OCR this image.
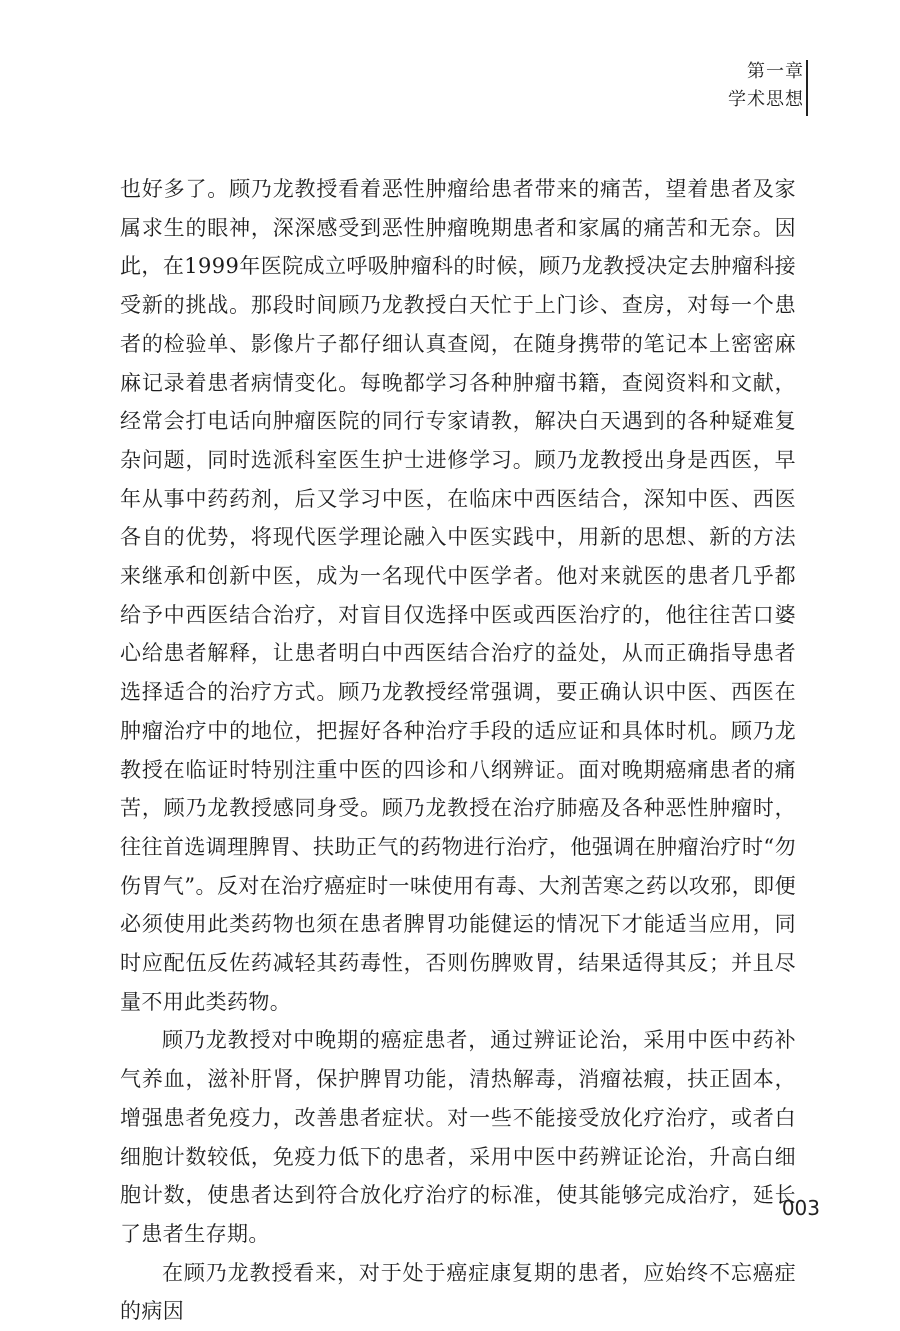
第一章
学术思想

也好多了。顾乃龙教授看着恶性肿瘤给患者带来的痛苦，望着患者及家属求生的眼神，深深感受到恶性肿瘤晚期患者和家属的痛苦和无奈。因此，在1999年医院成立呼吸肿瘤科的时候，顾乃龙教授决定去肿瘤科接受新的挑战。那段时间顾乃龙教授白天忙于上门诊、查房，对每一个患者的检验单、影像片子都仔细认真查阅，在随身携带的笔记本上密密麻麻记录着患者病情变化。每晚都学习各种肿瘤书籍，查阅资料和文献，经常会打电话向肿瘤医院的同行专家请教，解决白天遇到的各种疑难复杂问题，同时选派科室医生护士进修学习。顾乃龙教授出身是西医，早年从事中药药剂，后又学习中医，在临床中西医结合，深知中医、西医各自的优势，将现代医学理论融入中医实践中，用新的思想、新的方法来继承和创新中医，成为一名现代中医学者。他对来就医的患者几乎都给予中西医结合治疗，对盲目仅选择中医或西医治疗的，他往往苦口婆心给患者解释，让患者明白中西医结合治疗的益处，从而正确指导患者选择适合的治疗方式。顾乃龙教授经常强调，要正确认识中医、西医在肿瘤治疗中的地位，把握好各种治疗手段的适应证和具体时机。顾乃龙教授在临证时特别注重中医的四诊和八纲辨证。面对晚期癌痛患者的痛苦，顾乃龙教授感同身受。顾乃龙教授在治疗肺癌及各种恶性肿瘤时，往往首选调理脾胃、扶助正气的药物进行治疗，他强调在肿瘤治疗时“勿伤胃气”。反对在治疗癌症时一味使用有毒、大剂苦寒之药以攻邪，即便必须使用此类药物也须在患者脾胃功能健运的情况下才能适当应用，同时应配伍反佐药减轻其药毒性，否则伤脾败胃，结果适得其反；并且尽量不用此类药物。

顾乃龙教授对中晚期的癌症患者，通过辨证论治，采用中医中药补气养血，滋补肝肾，保护脾胃功能，清热解毒，消瘤祛瘕，扶正固本，增强患者免疫力，改善患者症状。对一些不能接受放化疗治疗，或者白细胞计数较低，免疫力低下的患者，采用中医中药辨证论治，升高白细胞计数，使患者达到符合放化疗治疗的标准，使其能够完成治疗，延长了患者生存期。

在顾乃龙教授看来，对于处于癌症康复期的患者，应始终不忘癌症的病因

003
